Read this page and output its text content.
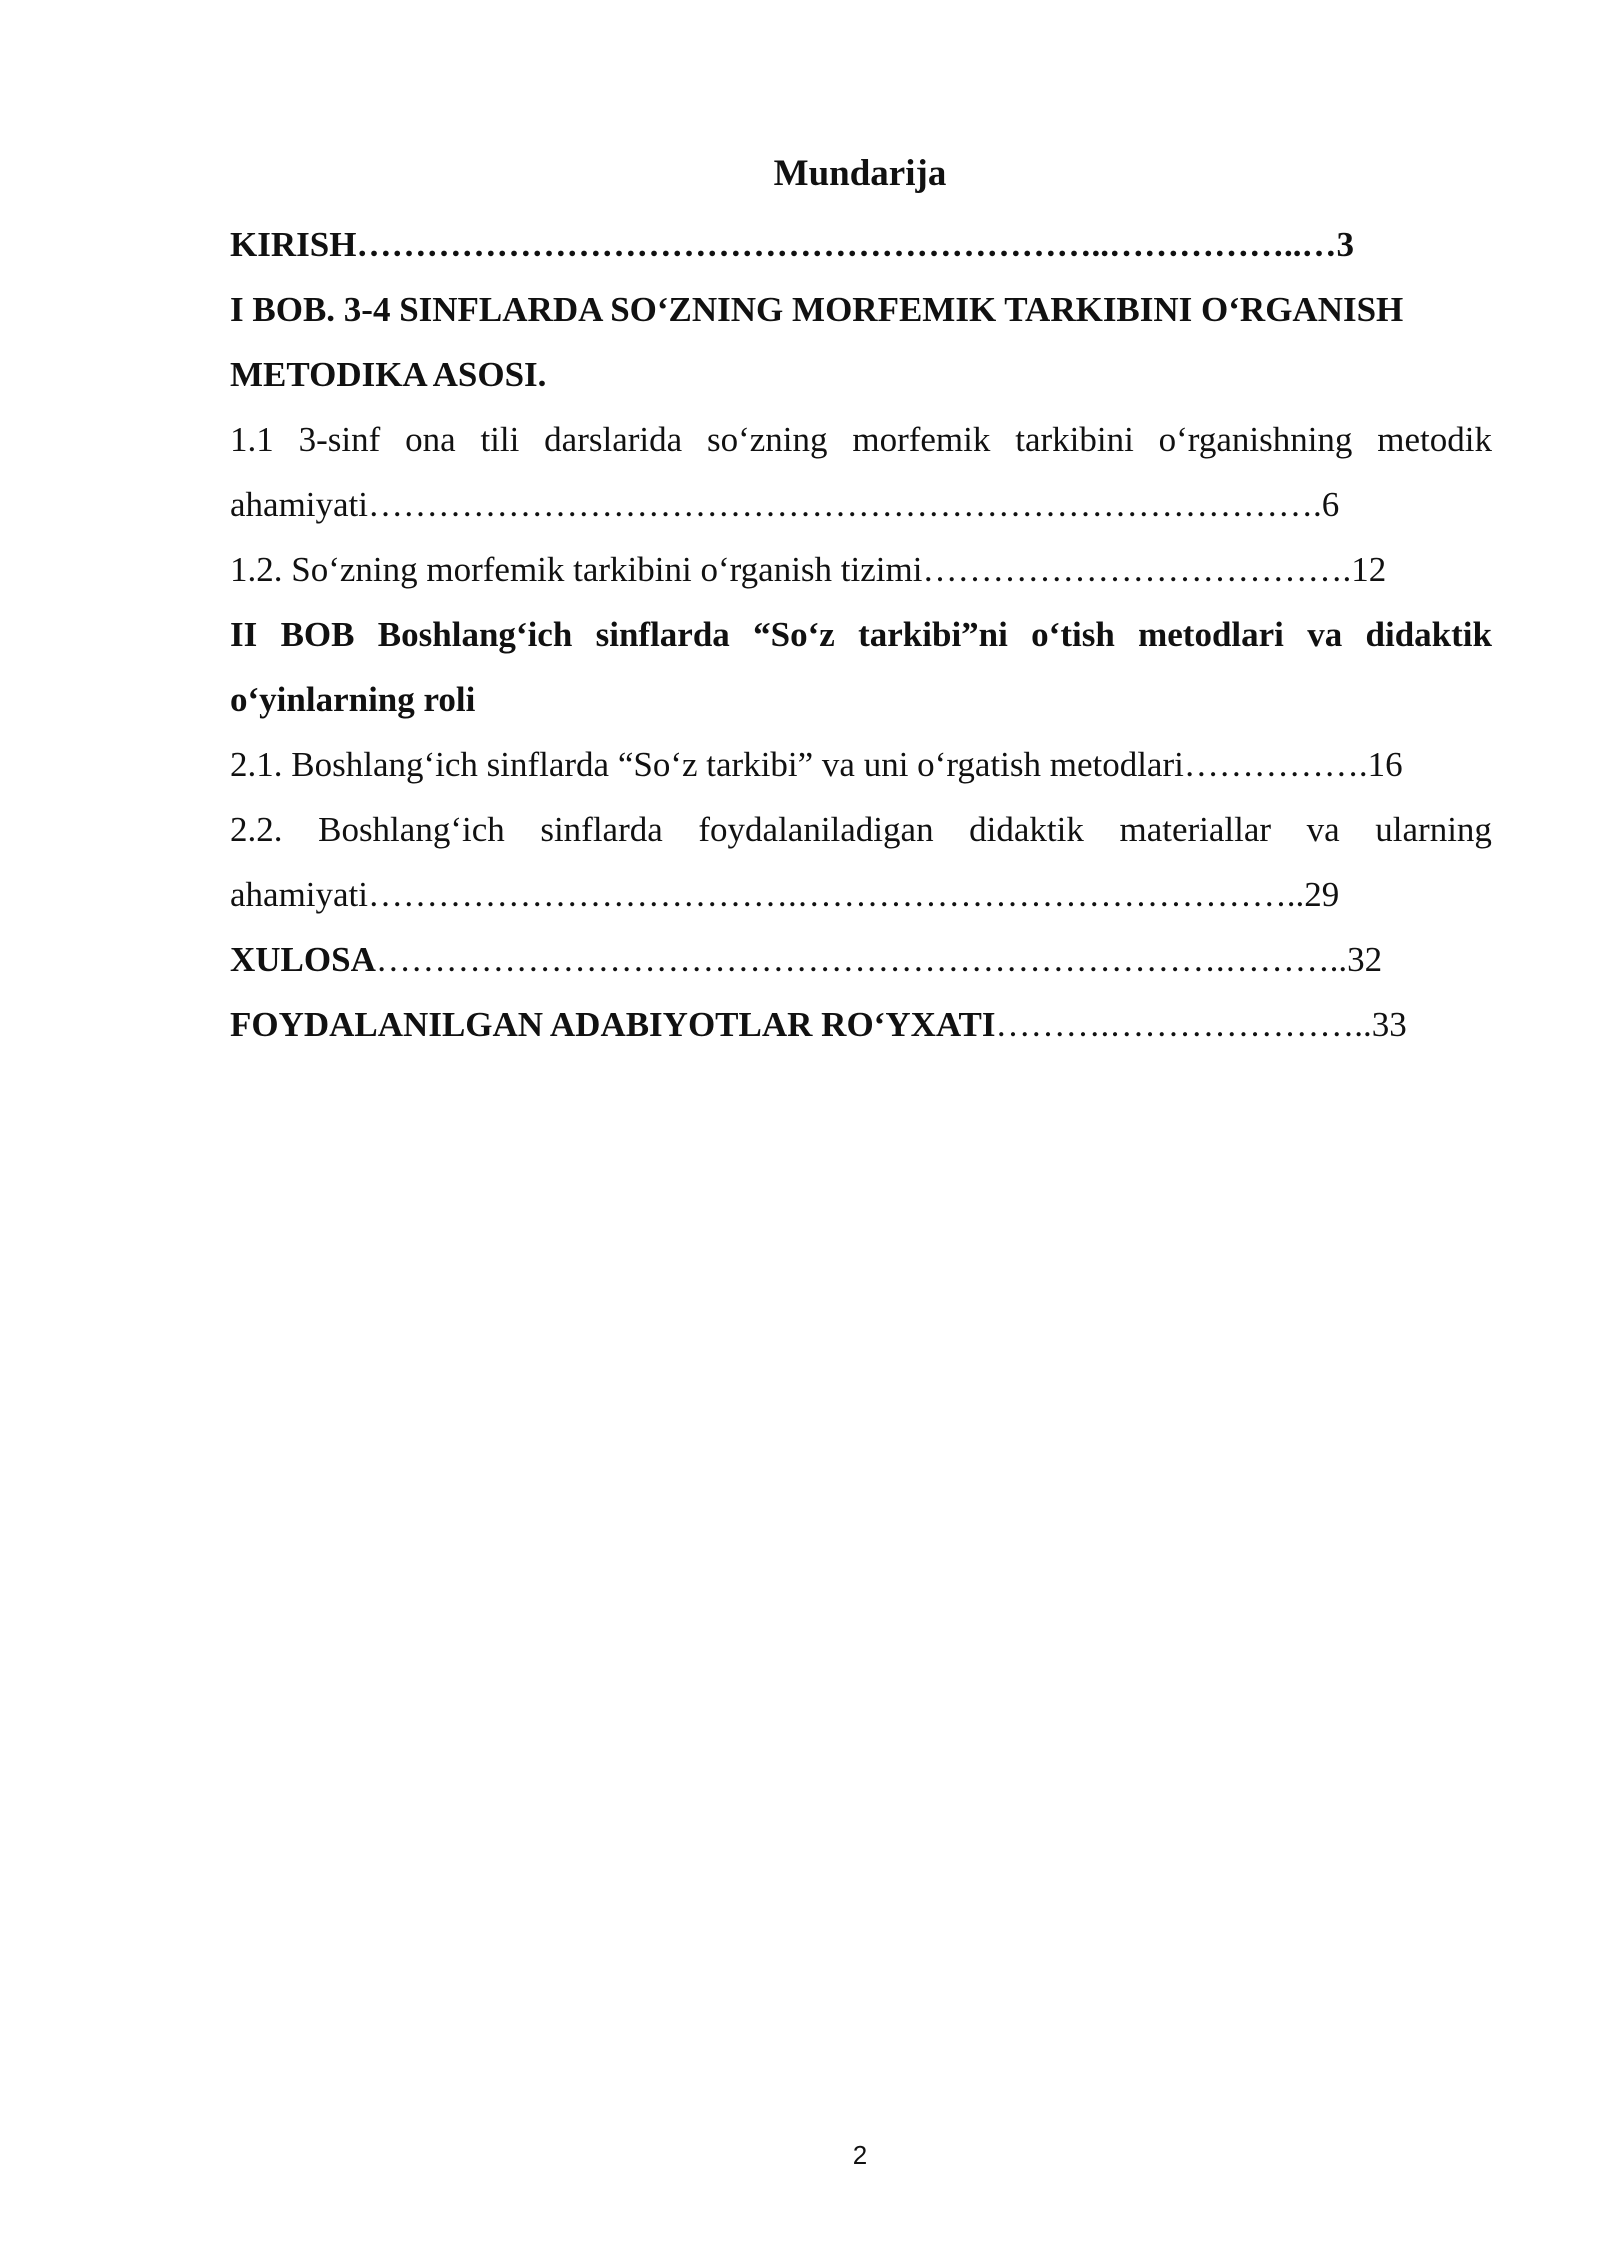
Mundarija
KIRISH ………………………………………………………..……………..… 3
I BOB. 3-4 SINFLARDA SO‘ZNING MORFEMIK TARKIBINI O‘RGANISH
METODIKA ASOSI.
1.1 3-sinf ona tili darslarida so‘zning morfemik tarkibini o‘rganishning metodik
ahamiyati ………………………………………………………………………. 6
1.2. So‘zning morfemik tarkibini o‘rganish tizimi ………………………………. 12
II BOB Boshlang‘ich sinflarda “So‘z tarkibi”ni o‘tish metodlari va didaktik
o‘yinlarning roli
2.1. Boshlang‘ich sinflarda “So‘z tarkibi” va uni o‘rgatish metodlari ……………. 16
2.2. Boshlang‘ich sinflarda foydalaniladigan didaktik materiallar va ularning
ahamiyati ……………………………….…………………………………….. 29
XULOSA ……………………………………………………………….……….. 32
FOYDALANILGAN ADABIYOTLAR RO‘YXATI ……….………………….. 33
2
